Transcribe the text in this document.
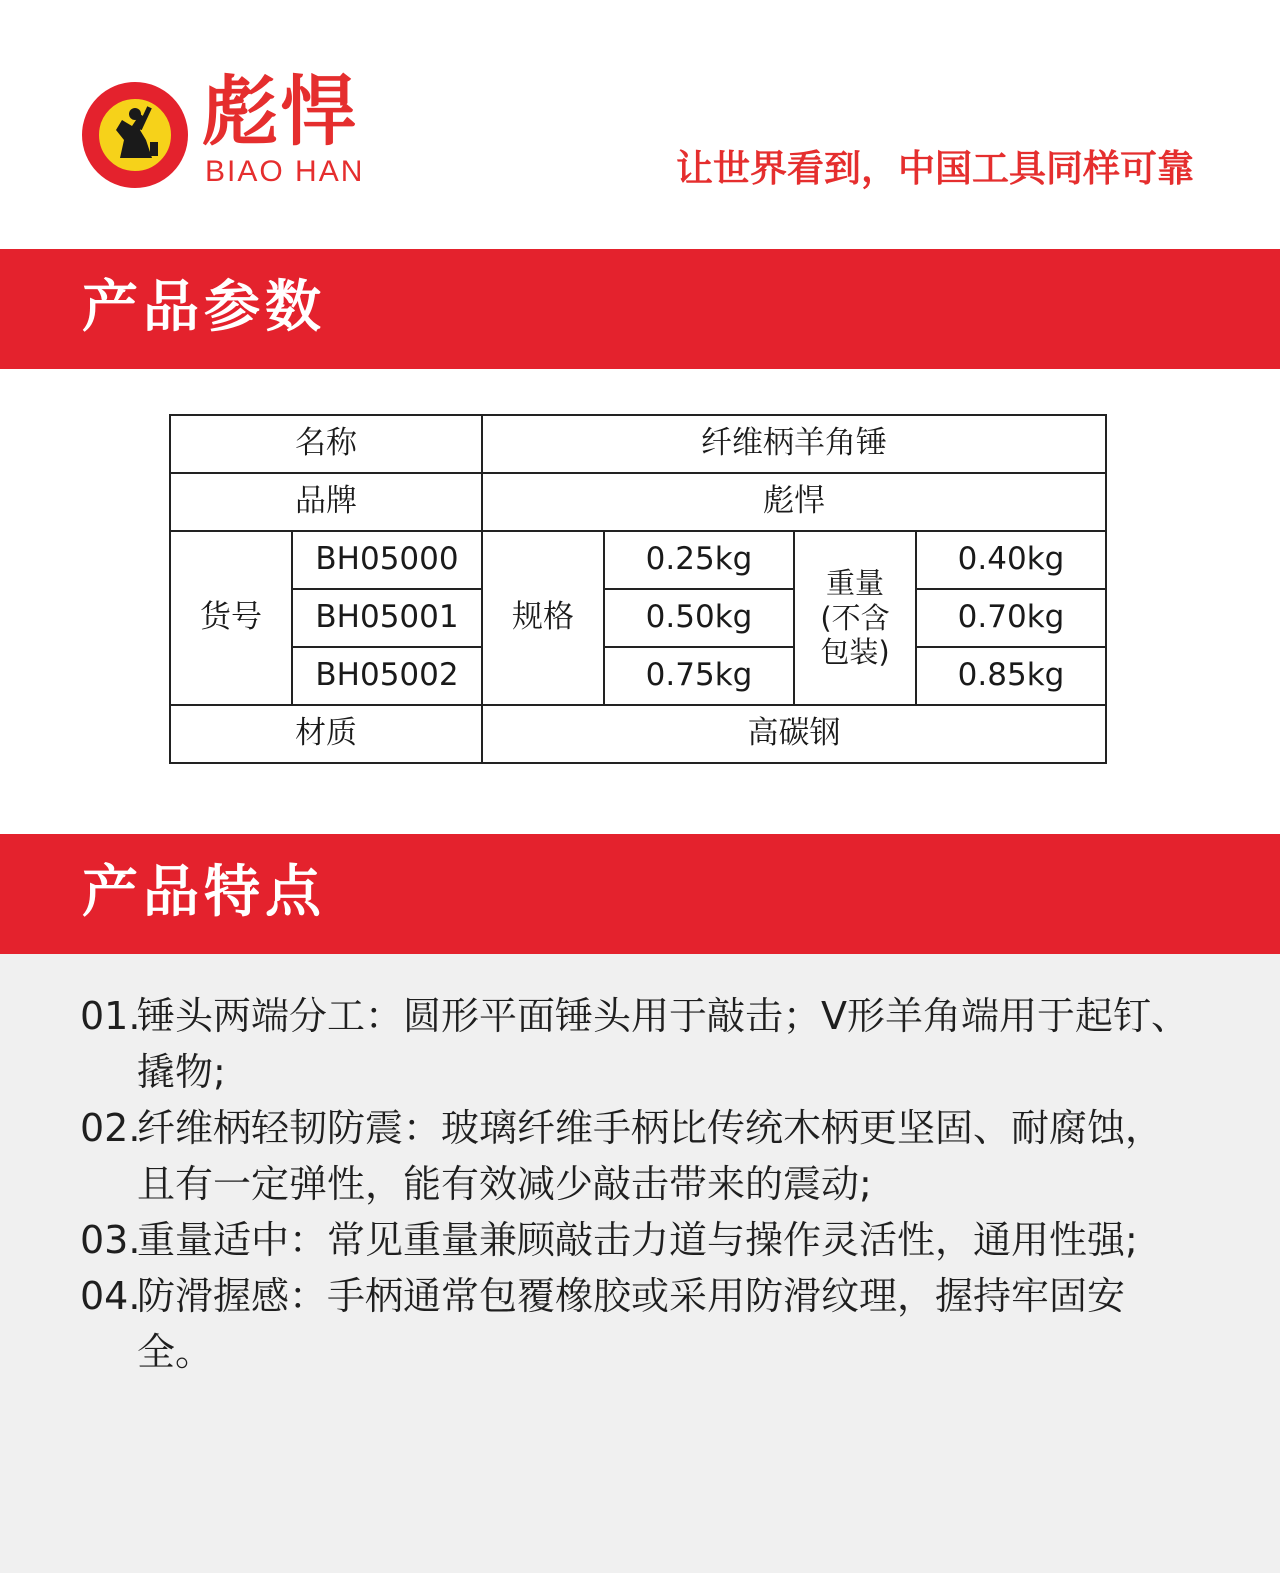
彪悍
BIAO HAN	让世界看到，中国工具同样可靠
产品参数
名称		纤维柄羊角锤			
品牌		彪悍			
货号	BH05000	规格	0.25kg	重量(不含包装)	0.40kg
	BH05001		0.50kg		0.70kg
	BH05002		0.75kg		0.85kg
材质		高碳钢			
产品特点
01.
锤头两端分工：圆形平面锤头用于敲击；V形羊角端用于起钉、撬物;
02.
纤维柄轻韧防震：玻璃纤维手柄比传统木柄更坚固、耐腐蚀，且有一定弹性，能有效减少敲击带来的震动;
03.
重量适中：常见重量兼顾敲击力道与操作灵活性，通用性强;
04.
防滑握感：手柄通常包覆橡胶或采用防滑纹理，握持牢固安全。
